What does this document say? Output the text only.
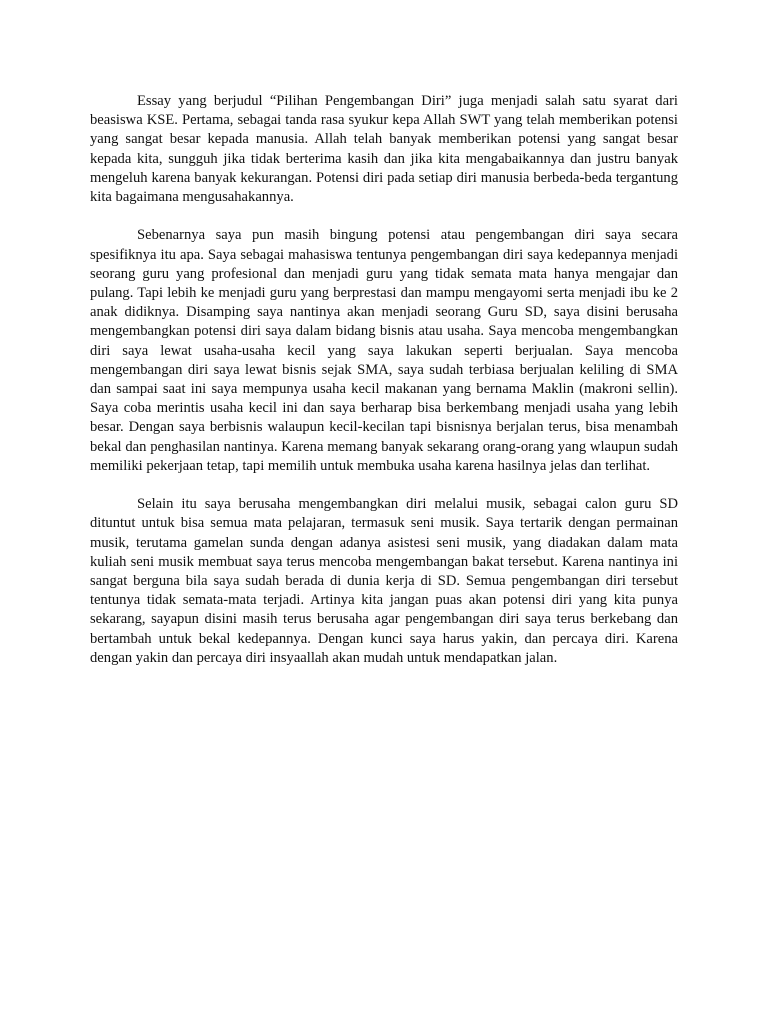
Essay yang berjudul “Pilihan Pengembangan Diri” juga menjadi salah satu syarat dari beasiswa KSE. Pertama, sebagai tanda rasa syukur kepa Allah SWT yang telah memberikan potensi yang sangat besar kepada manusia. Allah telah banyak memberikan potensi yang sangat besar kepada kita, sungguh jika tidak berterima kasih dan jika kita mengabaikannya dan justru banyak mengeluh karena banyak kekurangan. Potensi diri pada setiap diri manusia berbeda-beda tergantung kita bagaimana mengusahakannya.

Sebenarnya saya pun masih bingung potensi atau pengembangan diri saya secara spesifiknya itu apa. Saya sebagai mahasiswa tentunya pengembangan diri saya kedepannya menjadi seorang guru yang profesional dan menjadi guru yang tidak semata mata hanya mengajar dan pulang. Tapi lebih ke menjadi guru yang berprestasi dan mampu mengayomi serta menjadi ibu ke 2 anak didiknya. Disamping saya nantinya akan menjadi seorang Guru SD, saya disini berusaha mengembangkan potensi diri saya dalam bidang bisnis atau usaha. Saya mencoba mengembangkan diri saya lewat usaha-usaha kecil yang saya lakukan seperti berjualan. Saya mencoba mengembangan diri saya lewat bisnis sejak SMA, saya sudah terbiasa berjualan keliling di SMA dan sampai saat ini saya mempunya usaha kecil makanan yang bernama Maklin (makroni sellin). Saya coba merintis usaha kecil ini dan saya berharap bisa berkembang menjadi usaha yang lebih besar. Dengan saya berbisnis walaupun kecil-kecilan tapi bisnisnya berjalan terus, bisa menambah bekal dan penghasilan nantinya. Karena memang banyak sekarang orang-orang yang wlaupun sudah memiliki pekerjaan tetap, tapi memilih untuk membuka usaha karena hasilnya jelas dan terlihat.

Selain itu saya berusaha mengembangkan diri melalui musik, sebagai calon guru SD dituntut untuk bisa semua mata pelajaran, termasuk seni musik. Saya tertarik dengan permainan musik, terutama gamelan sunda dengan adanya asistesi seni musik, yang diadakan dalam mata kuliah seni musik membuat saya terus mencoba mengembangan bakat tersebut. Karena nantinya ini sangat berguna bila saya sudah berada di dunia kerja di SD. Semua pengembangan diri tersebut tentunya tidak semata-mata terjadi. Artinya kita jangan puas akan potensi diri yang kita punya sekarang, sayapun disini masih terus berusaha agar pengembangan diri saya terus berkebang dan bertambah untuk bekal kedepannya. Dengan kunci saya harus yakin, dan percaya diri. Karena dengan yakin dan percaya diri insyaallah akan mudah untuk mendapatkan jalan.
